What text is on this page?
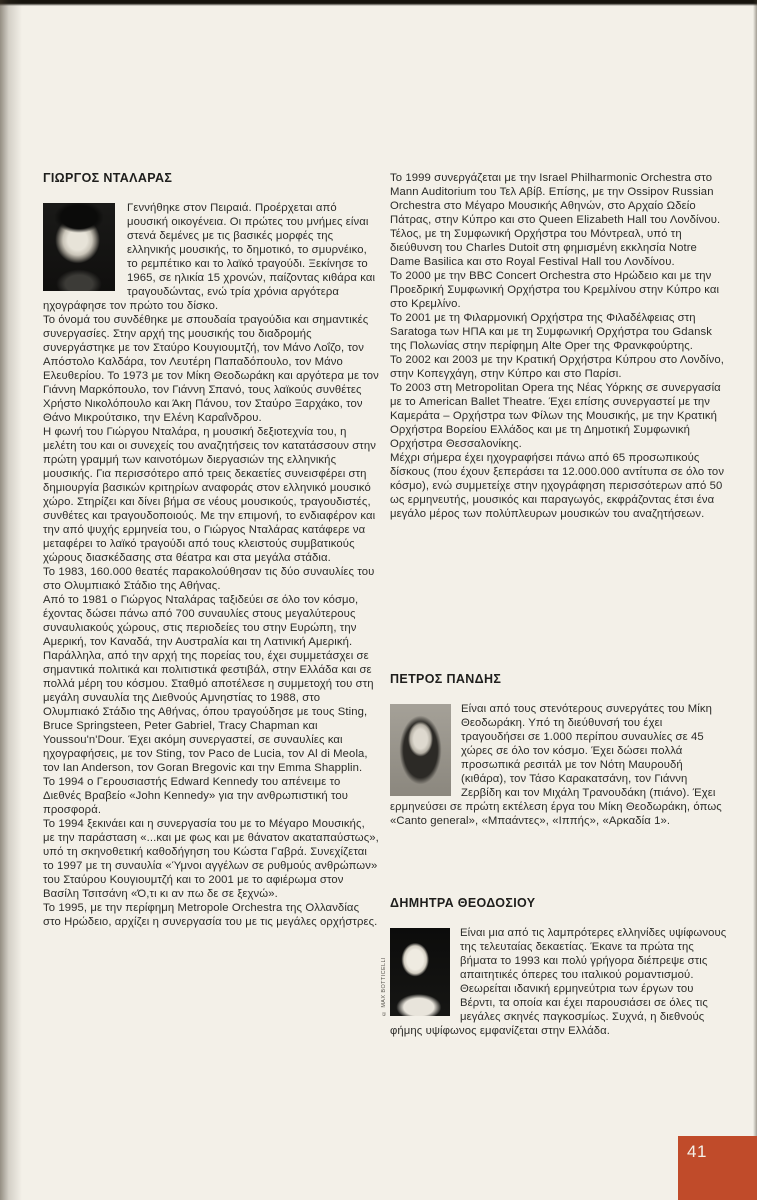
ΓΙΩΡΓΟΣ ΝΤΑΛΑΡΑΣ

Γεννήθηκε στον Πειραιά. Προέρχεται από μουσική οικογένεια. Οι πρώτες του μνήμες είναι στενά δεμένες με τις βασικές μορφές της ελληνικής μουσικής, το δημοτικό, το σμυρνέικο, το ρεμπέτικο και το λαϊκό τραγούδι. Ξεκίνησε το 1965, σε ηλικία 15 χρονών, παίζοντας κιθάρα και τραγουδώντας, ενώ τρία χρόνια αργότερα ηχογράφησε τον πρώτο του δίσκο.

Το όνομά του συνδέθηκε με σπουδαία τραγούδια και σημαντικές συνεργασίες. Στην αρχή της μουσικής του διαδρομής συνεργάστηκε με τον Σταύρο Κουγιουμτζή, τον Μάνο Λοΐζο, τον Απόστολο Καλδάρα, τον Λευτέρη Παπαδόπουλο, τον Μάνο Ελευθερίου. Το 1973 με τον Μίκη Θεοδωράκη και αργότερα με τον Γιάννη Μαρκόπουλο, τον Γιάννη Σπανό, τους λαϊκούς συνθέτες Χρήστο Νικολόπουλο και Άκη Πάνου, τον Σταύρο Ξαρχάκο, τον Θάνο Μικρούτσικο, την Ελένη Καραΐνδρου.

Η φωνή του Γιώργου Νταλάρα, η μουσική δεξιοτεχνία του, η μελέτη του και οι συνεχείς του αναζητήσεις τον κατατάσσουν στην πρώτη γραμμή των καινοτόμων διεργασιών της ελληνικής μουσικής. Για περισσότερο από τρεις δεκαετίες συνεισφέρει στη δημιουργία βασικών κριτηρίων αναφοράς στον ελληνικό μουσικό χώρο. Στηρίζει και δίνει βήμα σε νέους μουσικούς, τραγουδιστές, συνθέτες και τραγουδοποιούς. Με την επιμονή, το ενδιαφέρον και την από ψυχής ερμηνεία του, ο Γιώργος Νταλάρας κατάφερε να μεταφέρει το λαϊκό τραγούδι από τους κλειστούς συμβατικούς χώρους διασκέδασης στα θέατρα και στα μεγάλα στάδια.

Το 1983, 160.000 θεατές παρακολούθησαν τις δύο συναυλίες του στο Ολυμπιακό Στάδιο της Αθήνας.

Από το 1981 ο Γιώργος Νταλάρας ταξιδεύει σε όλο τον κόσμο, έχοντας δώσει πάνω από 700 συναυλίες στους μεγαλύτερους συναυλιακούς χώρους, στις περιοδείες του στην Ευρώπη, την Αμερική, τον Καναδά, την Αυστραλία και τη Λατινική Αμερική. Παράλληλα, από την αρχή της πορείας του, έχει συμμετάσχει σε σημαντικά πολιτικά και πολιτιστικά φεστιβάλ, στην Ελλάδα και σε πολλά μέρη του κόσμου. Σταθμό αποτέλεσε η συμμετοχή του στη μεγάλη συναυλία της Διεθνούς Αμνηστίας το 1988, στο Ολυμπιακό Στάδιο της Αθήνας, όπου τραγούδησε με τους Sting, Bruce Springsteen, Peter Gabriel, Tracy Chapman και Youssou'n'Dour. Έχει ακόμη συνεργαστεί, σε συναυλίες και ηχογραφήσεις, με τον Sting, τον Paco de Lucia, τον Al di Meola, τον Ian Anderson, τον Goran Bregovic και την Emma Shapplin.

Το 1994 ο Γερουσιαστής Edward Kennedy του απένειμε το Διεθνές Βραβείο «John Kennedy» για την ανθρωπιστική του προσφορά.

Το 1994 ξεκινάει και η συνεργασία του με το Μέγαρο Μουσικής, με την παράσταση «...και με φως και με θάνατον ακαταπαύστως», υπό τη σκηνοθετική καθοδήγηση του Κώστα Γαβρά. Συνεχίζεται το 1997 με τη συναυλία «Ύμνοι αγγέλων σε ρυθμούς ανθρώπων» του Σταύρου Κουγιουμτζή και το 2001 με το αφιέρωμα στον Βασίλη Τσιτσάνη «Ό,τι κι αν πω δε σε ξεχνώ».

Το 1995, με την περίφημη Metropole Orchestra της Ολλανδίας στο Ηρώδειο, αρχίζει η συνεργασία του με τις μεγάλες ορχήστρες.

Το 1999 συνεργάζεται με την Israel Philharmonic Orchestra στο Mann Auditorium του Τελ Αβίβ. Επίσης, με την Ossipov Russian Orchestra στο Μέγαρο Μουσικής Αθηνών, στο Αρχαίο Ωδείο Πάτρας, στην Κύπρο και στο Queen Elizabeth Hall του Λονδίνου. Τέλος, με τη Συμφωνική Ορχήστρα του Μόντρεαλ, υπό τη διεύθυνση του Charles Dutoit στη φημισμένη εκκλησία Notre Dame Basilica και στο Royal Festival Hall του Λονδίνου.

Το 2000 με την BBC Concert Orchestra στο Ηρώδειο και με την Προεδρική Συμφωνική Ορχήστρα του Κρεμλίνου στην Κύπρο και στο Κρεμλίνο.

Το 2001 με τη Φιλαρμονική Ορχήστρα της Φιλαδέλφειας στη Saratoga των ΗΠΑ και με τη Συμφωνική Ορχήστρα του Gdansk της Πολωνίας στην περίφημη Alte Oper της Φρανκφούρτης.

Το 2002 και 2003 με την Κρατική Ορχήστρα Κύπρου στο Λονδίνο, στην Κοπεγχάγη, στην Κύπρο και στο Παρίσι.

Το 2003 στη Metropolitan Opera της Νέας Υόρκης σε συνεργασία με το American Ballet Theatre. Έχει επίσης συνεργαστεί με την Καμεράτα – Ορχήστρα των Φίλων της Μουσικής, με την Κρατική Ορχήστρα Βορείου Ελλάδος και με τη Δημοτική Συμφωνική Ορχήστρα Θεσσαλονίκης.

Μέχρι σήμερα έχει ηχογραφήσει πάνω από 65 προσωπικούς δίσκους (που έχουν ξεπεράσει τα 12.000.000 αντίτυπα σε όλο τον κόσμο), ενώ συμμετείχε στην ηχογράφηση περισσότερων από 50 ως ερμηνευτής, μουσικός και παραγωγός, εκφράζοντας έτσι ένα μεγάλο μέρος των πολύπλευρων μουσικών του αναζητήσεων.

ΠΕΤΡΟΣ ΠΑΝΔΗΣ

Είναι από τους στενότερους συνεργάτες του Μίκη Θεοδωράκη. Υπό τη διεύθυνσή του έχει τραγουδήσει σε 1.000 περίπου συναυλίες σε 45 χώρες σε όλο τον κόσμο. Έχει δώσει πολλά προσωπικά ρεσιτάλ με τον Νότη Μαυρουδή (κιθάρα), τον Τάσο Καρακατσάνη, τον Γιάννη Ζερβίδη και τον Μιχάλη Τρανουδάκη (πιάνο). Έχει ερμηνεύσει σε πρώτη εκτέλεση έργα του Μίκη Θεοδωράκη, όπως «Canto general», «Μπαάντες», «Ιππής», «Αρκαδία 1».

ΔΗΜΗΤΡΑ ΘΕΟΔΟΣΙΟΥ
© MAX BOTTICELLI

Είναι μια από τις λαμπρότερες ελληνίδες υψίφωνους της τελευταίας δεκαετίας. Έκανε τα πρώτα της βήματα το 1993 και πολύ γρήγορα διέπρεψε στις απαιτητικές όπερες του ιταλικού ρομαντισμού. Θεωρείται ιδανική ερμηνεύτρια των έργων του Βέρντι, τα οποία και έχει παρουσιάσει σε όλες τις μεγάλες σκηνές παγκοσμίως. Συχνά, η διεθνούς φήμης υψίφωνος εμφανίζεται στην Ελλάδα.

41
